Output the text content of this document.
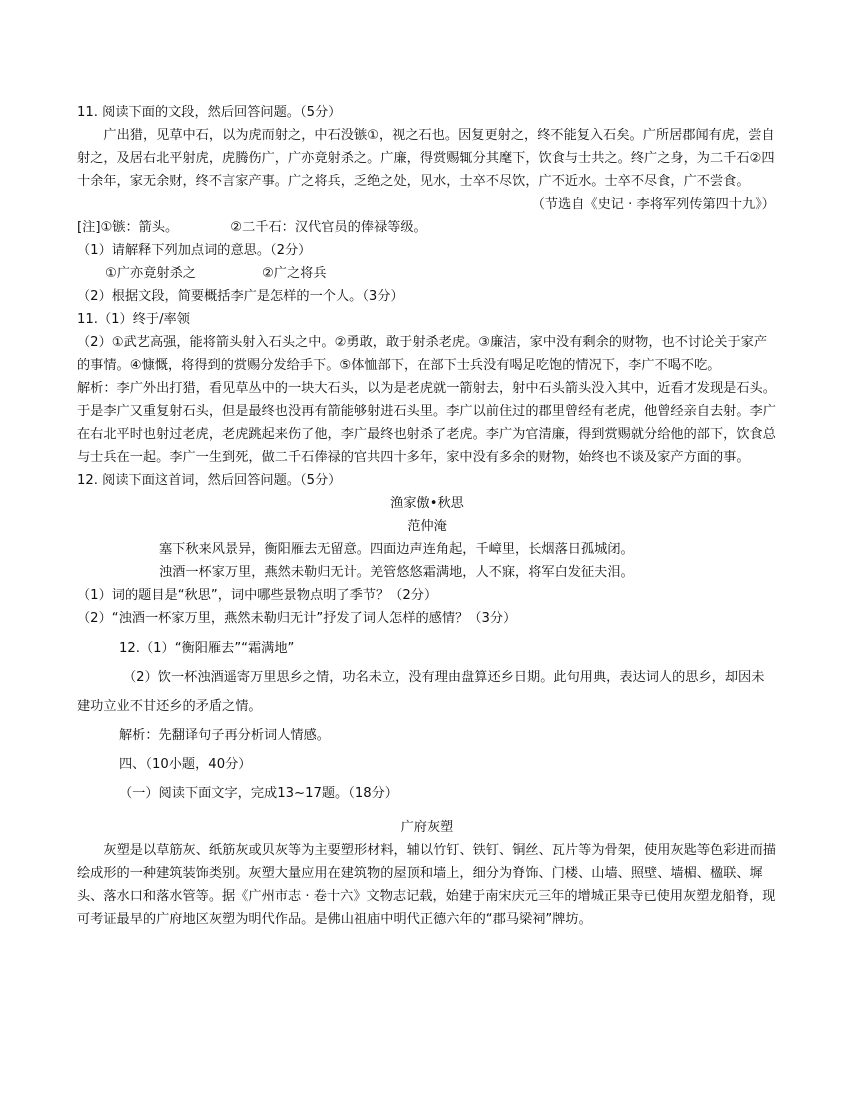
11. 阅读下面的文段，然后回答问题。（5分）

广出猎，见草中石，以为虎而射之，中石没镞①，视之石也。因复更射之，终不能复入石矣。广所居郡闻有虎，尝自射之，及居右北平射虎，虎腾伤广，广亦竟射杀之。广廉，得赏赐辄分其麾下，饮食与士共之。终广之身，为二千石②四十余年，家无余财，终不言家产事。广之将兵，乏绝之处，见水，士卒不尽饮，广不近水。士卒不尽食，广不尝食。

（节选自《史记 · 李将军列传第四十九》）

[注]①镞：箭头。	②二千石：汉代官员的俸禄等级。

（1）请解释下列加点词的意思。（2分）

①广亦竟射杀之	②广之将兵

（2）根据文段，简要概括李广是怎样的一个人。（3分）

11.（1）终于/率领

（2）①武艺高强，能将箭头射入石头之中。②勇敢，敢于射杀老虎。③廉洁，家中没有剩余的财物，也不讨论关于家产的事情。④慷慨，将得到的赏赐分发给手下。⑤体恤部下，在部下士兵没有喝足吃饱的情况下，李广不喝不吃。

解析：李广外出打猎，看见草丛中的一块大石头，以为是老虎就一箭射去，射中石头箭头没入其中，近看才发现是石头。于是李广又重复射石头，但是最终也没再有箭能够射进石头里。李广以前住过的郡里曾经有老虎，他曾经亲自去射。李广在右北平时也射过老虎，老虎跳起来伤了他，李广最终也射杀了老虎。李广为官清廉，得到赏赐就分给他的部下，饮食总与士兵在一起。李广一生到死，做二千石俸禄的官共四十多年，家中没有多余的财物，始终也不谈及家产方面的事。

12. 阅读下面这首词，然后回答问题。（5分）

渔家傲•秋思

范仲淹

塞下秋来风景异，衡阳雁去无留意。四面边声连角起，千嶂里，长烟落日孤城闭。

浊酒一杯家万里，燕然未勒归无计。羌管悠悠霜满地，人不寐，将军白发征夫泪。

（1）词的题目是“秋思”，词中哪些景物点明了季节？（2分）

（2）“浊酒一杯家万里，燕然未勒归无计”抒发了词人怎样的感情？（3分）

12.（1）“衡阳雁去”“霜满地”

（2）饮一杯浊酒遥寄万里思乡之情，功名未立，没有理由盘算还乡日期。此句用典，表达词人的思乡，却因未建功立业不甘还乡的矛盾之情。

解析：先翻译句子再分析词人情感。

四、（10小题，40分）

（一）阅读下面文字，完成13~17题。（18分）

广府灰塑

灰塑是以草筋灰、纸筋灰或贝灰等为主要塑形材料，辅以竹钉、铁钉、铜丝、瓦片等为骨架，使用灰匙等色彩进而描绘成形的一种建筑装饰类别。灰塑大量应用在建筑物的屋顶和墙上，细分为脊饰、门楼、山墙、照壁、墙楣、楹联、墀头、落水口和落水管等。据《广州市志 · 卷十六》文物志记载，始建于南宋庆元三年的增城正果寺已使用灰塑龙船脊，现可考证最早的广府地区灰塑为明代作品。是佛山祖庙中明代正德六年的“郡马梁祠”牌坊。
